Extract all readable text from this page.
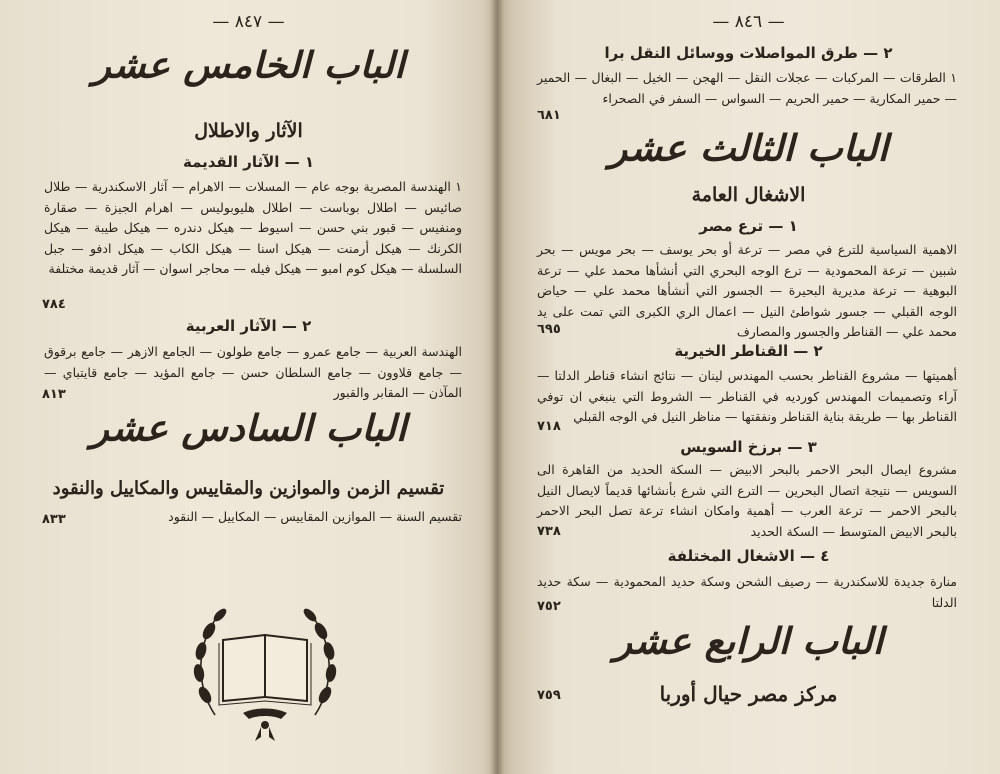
— ٨٤٧ —
الباب الخامس عشر
الآثار والاطلال
١ — الآثار القديمة
١ الهندسة المصرية بوجه عام — المسلات — الاهرام — آثار الاسكندرية — طلال صائيس — اطلال بوباست — اطلال هليوبوليس — اهرام الجيزة — صقارة ومنفيس — قبور بني حسن — اسيوط — هيكل دندره — هيكل طيبة — هيكل الكرنك — هيكل أرمنت — هيكل اسنا — هيكل الكاب — هيكل ادفو — جبل السلسلة — هيكل كوم امبو — هيكل فيله — محاجر اسوان — آثار قديمة مختلفة
٧٨٤
٢ — الآثار العربية
الهندسة العربية — جامع عمرو — جامع طولون — الجامع الازهر — جامع برقوق — جامع قلاوون — جامع السلطان حسن — جامع المؤيد — جامع قايتباي — المآذن — المقابر والقبور
٨١٣
الباب السادس عشر
تقسيم الزمن والموازين والمقاييس والمكاييل والنقود
تقسيم السنة — الموازين المقاييس — المكاييل — النقود
٨٣٣
— ٨٤٦ —
٢ — طرق المواصلات ووسائل النقل برا
١ الطرقات — المركبات — عجلات النقل — الهجن — الخيل — البغال — الحمير — حمير المكارية — حمير الحريم — السواس — السفر في الصحراء
٦٨١
الباب الثالث عشر
الاشغال العامة
١ — ترع مصر
الاهمية السياسية للترع في مصر — ترعة أو بحر يوسف — بحر مويس — بحر شبين — ترعة المحمودية — ترع الوجه البحري التي أنشأها محمد علي — ترعة البوهية — ترعة مديرية البحيرة — الجسور التي أنشأها محمد علي — حياض الوجه القبلي — جسور شواطئ النيل — اعمال الري الكبرى التي تمت على يد محمد علي — القناطر والجسور والمصارف
٦٩٥
٢ — القناطر الخيرية
أهميتها — مشروع القناطر بحسب المهندس لينان — نتائج انشاء قناطر الدلتا — آراء وتصميمات المهندس كورديه في القناطر — الشروط التي ينبغي ان توفي القناطر بها — طريقة بناية القناطر ونفقتها — مناظر النيل في الوجه القبلي
٧١٨
٣ — برزخ السويس
مشروع ايصال البحر الاحمر بالبحر الابيض — السكة الحديد من القاهرة الى السويس — نتيجة اتصال البحرين — الترع التي شرع بأنشائها قديماً لايصال النيل بالبحر الاحمر — ترعة العرب — أهمية وامكان انشاء ترعة تصل البحر الاحمر بالبحر الابيض المتوسط — السكة الحديد
٧٣٨
٤ — الاشغال المختلفة
منارة جديدة للاسكندرية — رصيف الشحن وسكة حديد المحمودية — سكة حديد الدلتا
٧٥٢
الباب الرابع عشر
مركز مصر حيال أوربا
٧٥٩
